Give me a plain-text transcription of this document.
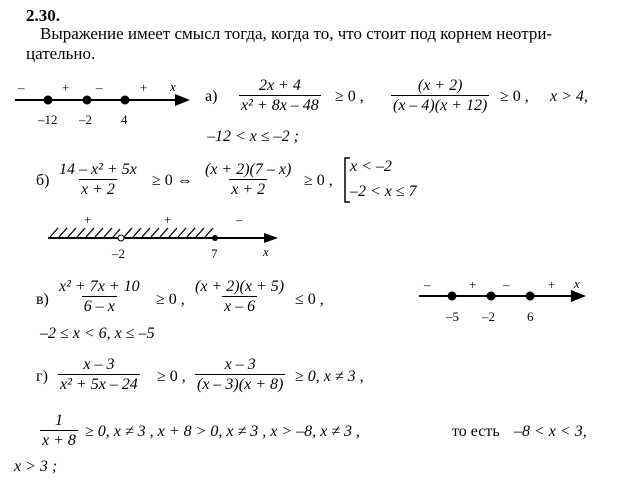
2.30.
Выражение имеет смысл тогда, когда то, что стоит под корнем неотри-
цательно.
–	+ –	+ x
–12 –2 4
$а) \frac{2x + 4}{\text{x² + 8x – 48}} \ge 0$ , $\frac{(x + 2)}{(x - 4)(x + 12)} \ge 0$ , x > 4,
–12 < x ≤ –2 ;
$б) \frac{\text{14 – x² + 5x}}{x + 2} \ge 0$ ⇔ $\frac{(x + 2)(7 - x)}{x + 2} \ge 0$ ,
x < –2
–2 < x ≤ 7
+	+	–
–2	7	x
$в) \frac{\text{x² + 7x + 10}}{6 - x} \ge 0$ , $\frac{(x + 2)(x + 5)}{x - 6} \le 0$ ,
–2 ≤ x < 6, x ≤ –5
–	+ –	+ x
–5 –2 6
$г) \frac{x - 3}{\text{x² + 5x – 24}} \ge 0$ , $\frac{x - 3}{(x - 3)(x + 8)} \ge 0$, x ≠ 3 ,
$\frac{1}{x + 8} \ge 0$, x ≠ 3 , x + 8 > 0, x ≠ 3 , x > –8, x ≠ 3 ,	то есть –8 < x < 3,
x > 3 ;
